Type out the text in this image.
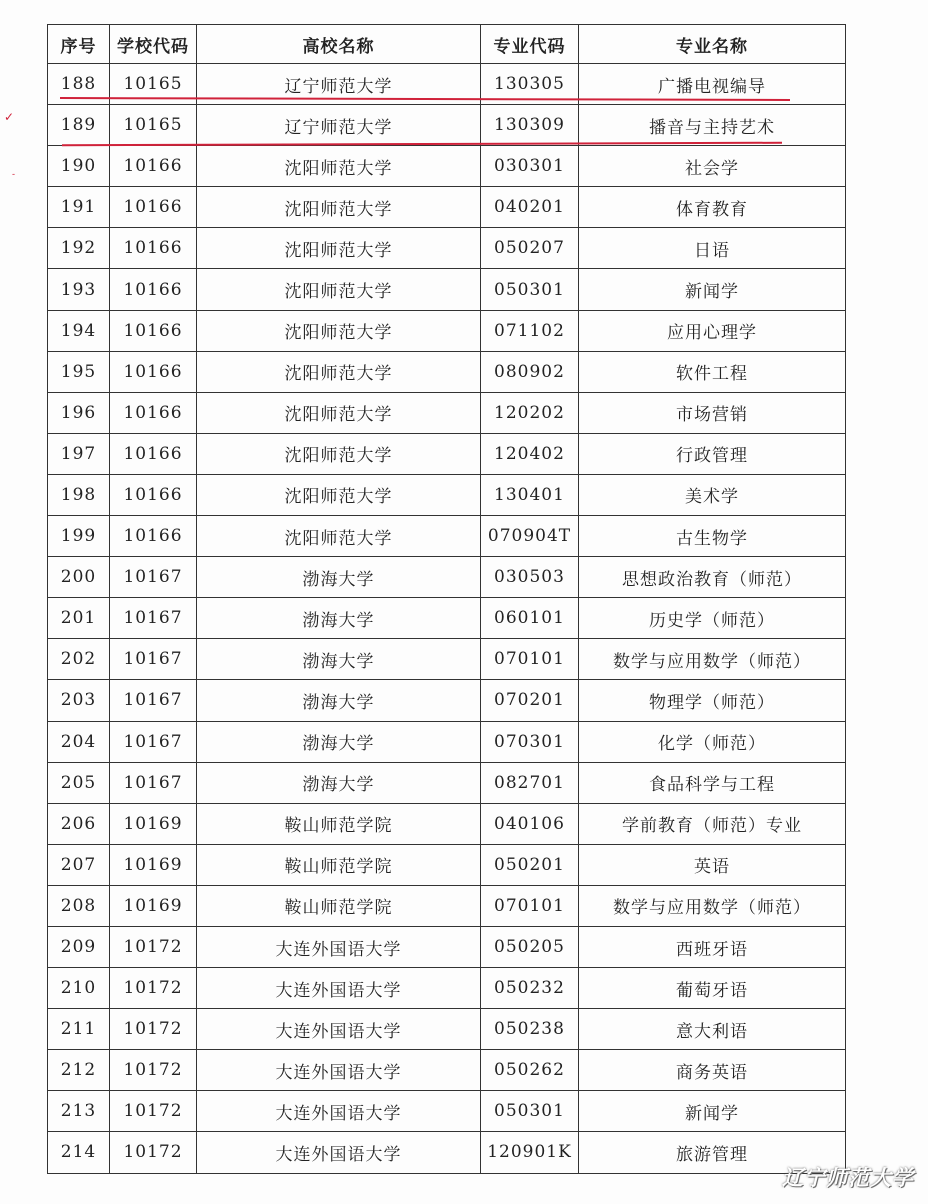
序号	学校代码	高校名称	专业代码	专业名称
188	10165	辽宁师范大学	130305	广播电视编导
189	10165	辽宁师范大学	130309	播音与主持艺术
190	10166	沈阳师范大学	030301	社会学
191	10166	沈阳师范大学	040201	体育教育
192	10166	沈阳师范大学	050207	日语
193	10166	沈阳师范大学	050301	新闻学
194	10166	沈阳师范大学	071102	应用心理学
195	10166	沈阳师范大学	080902	软件工程
196	10166	沈阳师范大学	120202	市场营销
197	10166	沈阳师范大学	120402	行政管理
198	10166	沈阳师范大学	130401	美术学
199	10166	沈阳师范大学	070904T	古生物学
200	10167	渤海大学	030503	思想政治教育（师范）
201	10167	渤海大学	060101	历史学（师范）
202	10167	渤海大学	070101	数学与应用数学（师范）
203	10167	渤海大学	070201	物理学（师范）
204	10167	渤海大学	070301	化学（师范）
205	10167	渤海大学	082701	食品科学与工程
206	10169	鞍山师范学院	040106	学前教育（师范）专业
207	10169	鞍山师范学院	050201	英语
208	10169	鞍山师范学院	070101	数学与应用数学（师范）
209	10172	大连外国语大学	050205	西班牙语
210	10172	大连外国语大学	050232	葡萄牙语
211	10172	大连外国语大学	050238	意大利语
212	10172	大连外国语大学	050262	商务英语
213	10172	大连外国语大学	050301	新闻学
214	10172	大连外国语大学	120901K	旅游管理
✓
-
辽宁师范大学
